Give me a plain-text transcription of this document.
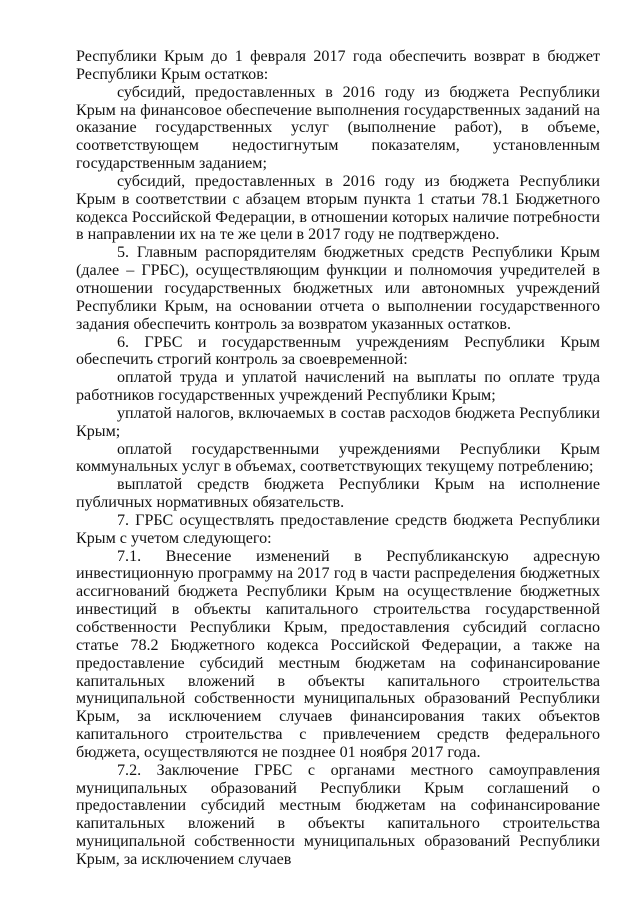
Республики Крым до 1 февраля 2017 года обеспечить возврат в бюджет Республики Крым остатков:

субсидий, предоставленных в 2016 году из бюджета Республики Крым на финансовое обеспечение выполнения государственных заданий на оказание государственных услуг (выполнение работ), в объеме, соответствующем недостигнутым показателям, установленным государственным заданием;

субсидий, предоставленных в 2016 году из бюджета Республики Крым в соответствии с абзацем вторым пункта 1 статьи 78.1 Бюджетного кодекса Российской Федерации, в отношении которых наличие потребности в направлении их на те же цели в 2017 году не подтверждено.

5. Главным распорядителям бюджетных средств Республики Крым (далее – ГРБС), осуществляющим функции и полномочия учредителей в отношении государственных бюджетных или автономных учреждений Республики Крым, на основании отчета о выполнении государственного задания обеспечить контроль за возвратом указанных остатков.

6. ГРБС и государственным учреждениям Республики Крым обеспечить строгий контроль за своевременной:

оплатой труда и уплатой начислений на выплаты по оплате труда работников государственных учреждений Республики Крым;

уплатой налогов, включаемых в состав расходов бюджета Республики Крым;

оплатой государственными учреждениями Республики Крым коммунальных услуг в объемах, соответствующих текущему потреблению;

выплатой средств бюджета Республики Крым на исполнение публичных нормативных обязательств.

7. ГРБС осуществлять предоставление средств бюджета Республики Крым с учетом следующего:

7.1. Внесение изменений в Республиканскую адресную инвестиционную программу на 2017 год в части распределения бюджетных ассигнований бюджета Республики Крым на осуществление бюджетных инвестиций в объекты капитального строительства государственной собственности Республики Крым, предоставления субсидий согласно статье 78.2 Бюджетного кодекса Российской Федерации, а также на предоставление субсидий местным бюджетам на софинансирование капитальных вложений в объекты капитального строительства муниципальной собственности муниципальных образований Республики Крым, за исключением случаев финансирования таких объектов капитального строительства с привлечением средств федерального бюджета, осуществляются не позднее 01 ноября 2017 года.

7.2. Заключение ГРБС с органами местного самоуправления муниципальных образований Республики Крым соглашений о предоставлении субсидий местным бюджетам на софинансирование капитальных вложений в объекты капитального строительства муниципальной собственности муниципальных образований Республики Крым, за исключением случаев
